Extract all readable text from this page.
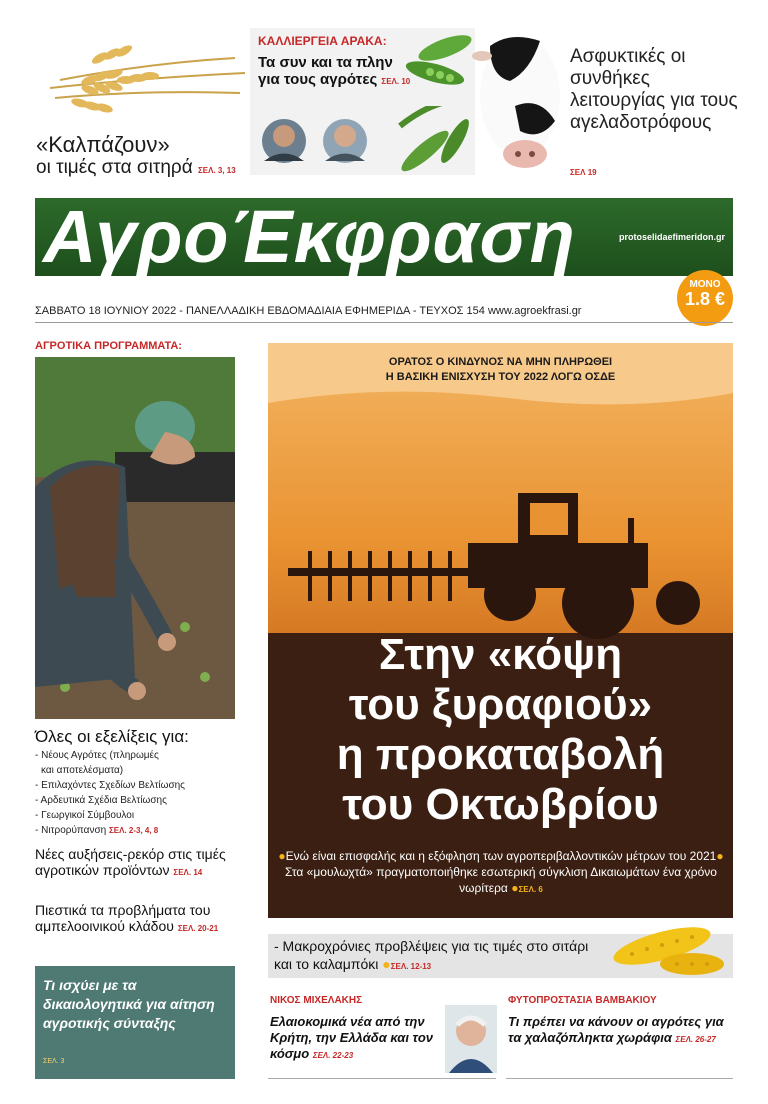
«Καλπάζουν»
οι τιμές στα σιτηρά ΣΕΛ. 3, 13
ΚΑΛΛΙΕΡΓΕΙΑ ΑΡΑΚΑ:
Τα συν και τα πλην για τους αγρότες ΣΕΛ. 10
Ασφυκτικές οι συνθήκες λειτουργίας για τους αγελαδοτρόφους
ΣΕΛ 19
ΑγροΈκφραση	protoselidaefimeridon.gr
ΜΟΝΟ
1.8 €
ΣΑΒΒΑΤΟ 18 ΙΟΥΝΙΟΥ 2022 - ΠΑΝΕΛΛΑΔΙΚΗ ΕΒΔΟΜΑΔΙΑΙΑ ΕΦΗΜΕΡΙΔΑ - ΤΕΥΧΟΣ 154 www.agroekfrasi.gr
ΑΓΡΟΤΙΚΑ ΠΡΟΓΡΑΜΜΑΤΑ:
Όλες οι εξελίξεις για:
- Νέους Αγρότες (πληρωμές
και αποτελέσματα)
- Επιλαχόντες Σχεδίων Βελτίωσης
- Αρδευτικά Σχέδια Βελτίωσης
- Γεωργικοί Σύμβουλοι
- Νιτρορύπανση ΣΕΛ. 2-3, 4, 8
Νέες αυξήσεις-ρεκόρ στις τιμές αγροτικών προϊόντων ΣΕΛ. 14
Πιεστικά τα προβλήματα του αμπελοοινικού κλάδου ΣΕΛ. 20-21
Τι ισχύει με τα δικαιολογητικά για αίτηση αγροτικής σύνταξης
ΣΕΛ. 3
ΟΡΑΤΟΣ Ο ΚΙΝΔΥΝΟΣ ΝΑ ΜΗΝ ΠΛΗΡΩΘΕΙ
Η ΒΑΣΙΚΗ ΕΝΙΣΧΥΣΗ ΤΟΥ 2022 ΛΟΓΩ ΟΣΔΕ
Στην «κόψη
του ξυραφιού»
η προκαταβολή
του Οκτωβρίου
●Ενώ είναι επισφαλής και η εξόφληση των αγροπεριβαλλοντικών μέτρων του 2021● Στα «μουλωχτά» πραγματοποιήθηκε εσωτερική σύγκλιση Δικαιωμάτων ένα χρόνο νωρίτερα ●ΣΕΛ. 6
- Μακροχρόνιες προβλέψεις για τις τιμές στο σιτάρι και το καλαμπόκι ●ΣΕΛ. 12-13
ΝΙΚΟΣ ΜΙΧΕΛΑΚΗΣ
Ελαιοκομικά νέα από την Κρήτη, την Ελλάδα και τον κόσμο ΣΕΛ. 22-23
ΦΥΤΟΠΡΟΣΤΑΣΙΑ ΒΑΜΒΑΚΙΟΥ
Τι πρέπει να κάνουν οι αγρότες για τα χαλαζόπληκτα χωράφια ΣΕΛ. 26-27
